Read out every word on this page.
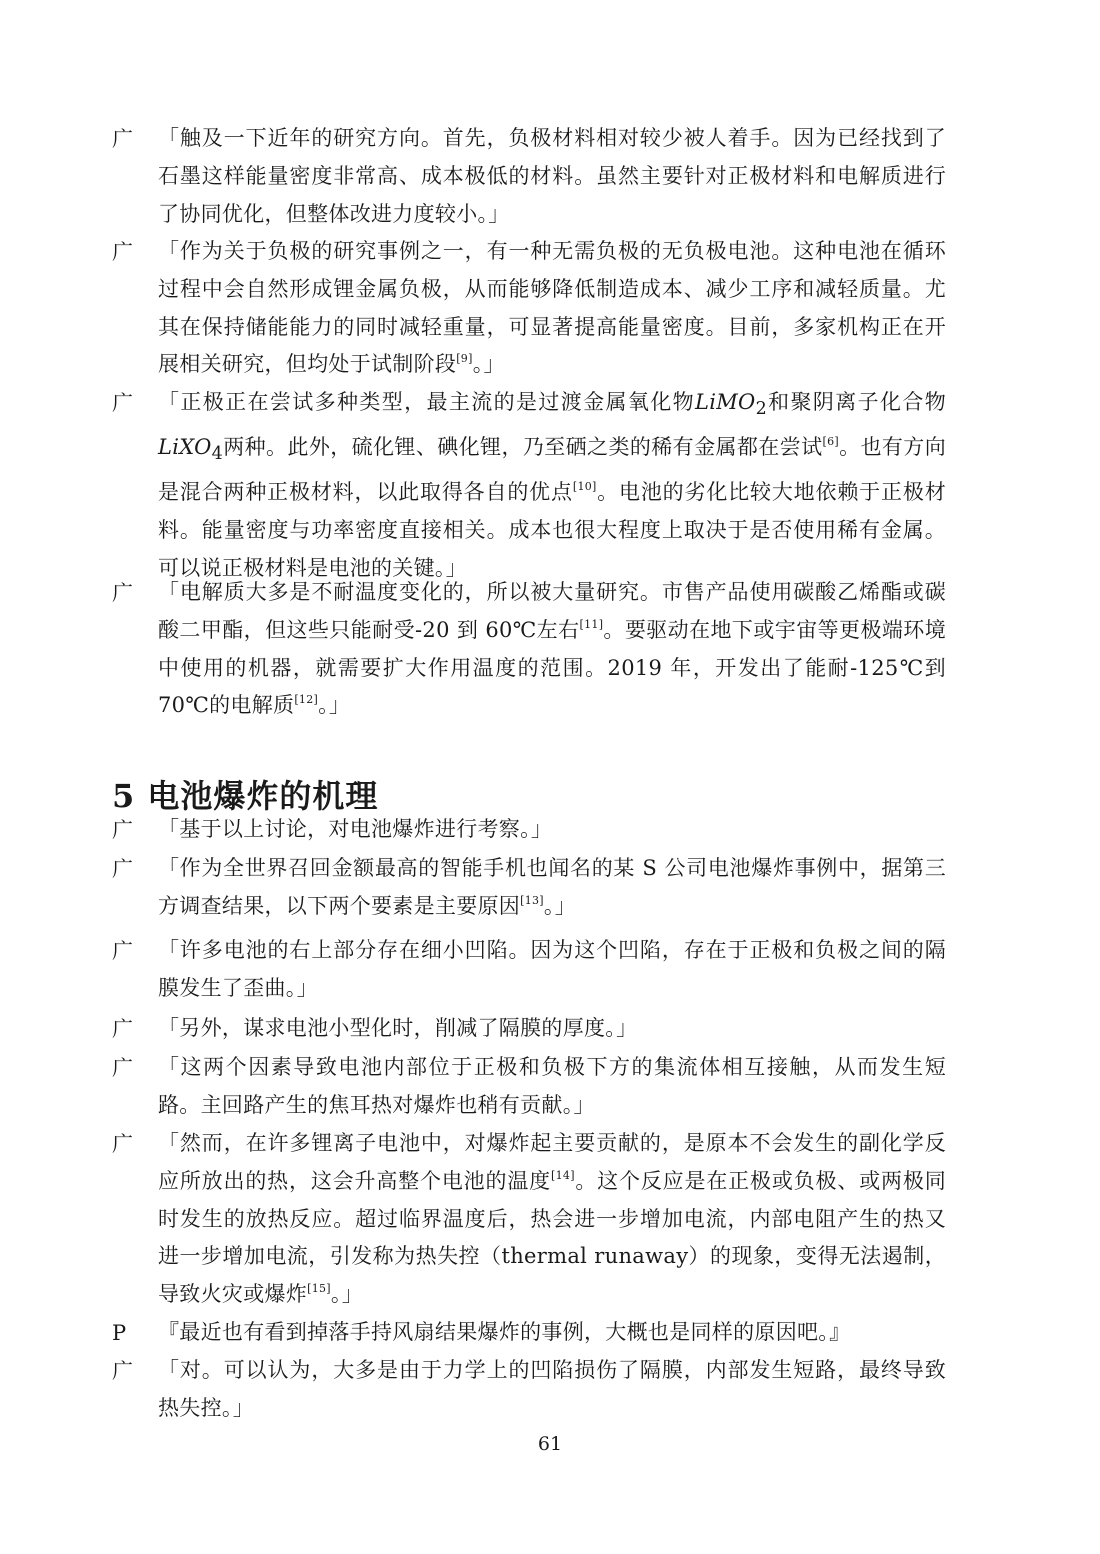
5 电池爆炸的机理
广	「触及一下近年的研究方向。首先，负极材料相对较少被人着手。因为已经找到了石墨这样能量密度非常高、成本极低的材料。虽然主要针对正极材料和电解质进行了协同优化，但整体改进力度较小。」
广	「作为关于负极的研究事例之一，有一种无需负极的无负极电池。这种电池在循环过程中会自然形成锂金属负极，从而能够降低制造成本、减少工序和减轻质量。尤其在保持储能能力的同时减轻重量，可显著提高能量密度。目前，多家机构正在开展相关研究，但均处于试制阶段[9]。」
广	「正极正在尝试多种类型，最主流的是过渡金属氧化物LiMO$_2$和聚阴离子化合物LiXO$_4$两种。此外，硫化锂、碘化锂，乃至硒之类的稀有金属都在尝试[6]。也有方向是混合两种正极材料，以此取得各自的优点[10]。电池的劣化比较大地依赖于正极材料。能量密度与功率密度直接相关。成本也很大程度上取决于是否使用稀有金属。可以说正极材料是电池的关键。」
广	「电解质大多是不耐温度变化的，所以被大量研究。市售产品使用碳酸乙烯酯或碳酸二甲酯，但这些只能耐受-20 到 60℃左右[11]。要驱动在地下或宇宙等更极端环境中使用的机器，就需要扩大作用温度的范围。2019 年，开发出了能耐-125℃到 70℃的电解质[12]。」
广	「基于以上讨论，对电池爆炸进行考察。」
广	「作为全世界召回金额最高的智能手机也闻名的某 S 公司电池爆炸事例中，据第三方调查结果，以下两个要素是主要原因[13]。」
广	「许多电池的右上部分存在细小凹陷。因为这个凹陷，存在于正极和负极之间的隔膜发生了歪曲。」
广	「另外，谋求电池小型化时，削减了隔膜的厚度。」
广	「这两个因素导致电池内部位于正极和负极下方的集流体相互接触，从而发生短路。主回路产生的焦耳热对爆炸也稍有贡献。」
广	「然而，在许多锂离子电池中，对爆炸起主要贡献的，是原本不会发生的副化学反应所放出的热，这会升高整个电池的温度[14]。这个反应是在正极或负极、或两极同时发生的放热反应。超过临界温度后，热会进一步增加电流，内部电阻产生的热又进一步增加电流，引发称为热失控（thermal runaway）的现象，变得无法遏制，导致火灾或爆炸[15]。」
P	『最近也有看到掉落手持风扇结果爆炸的事例，大概也是同样的原因吧。』
广	「对。可以认为，大多是由于力学上的凹陷损伤了隔膜，内部发生短路，最终导致热失控。」
61
